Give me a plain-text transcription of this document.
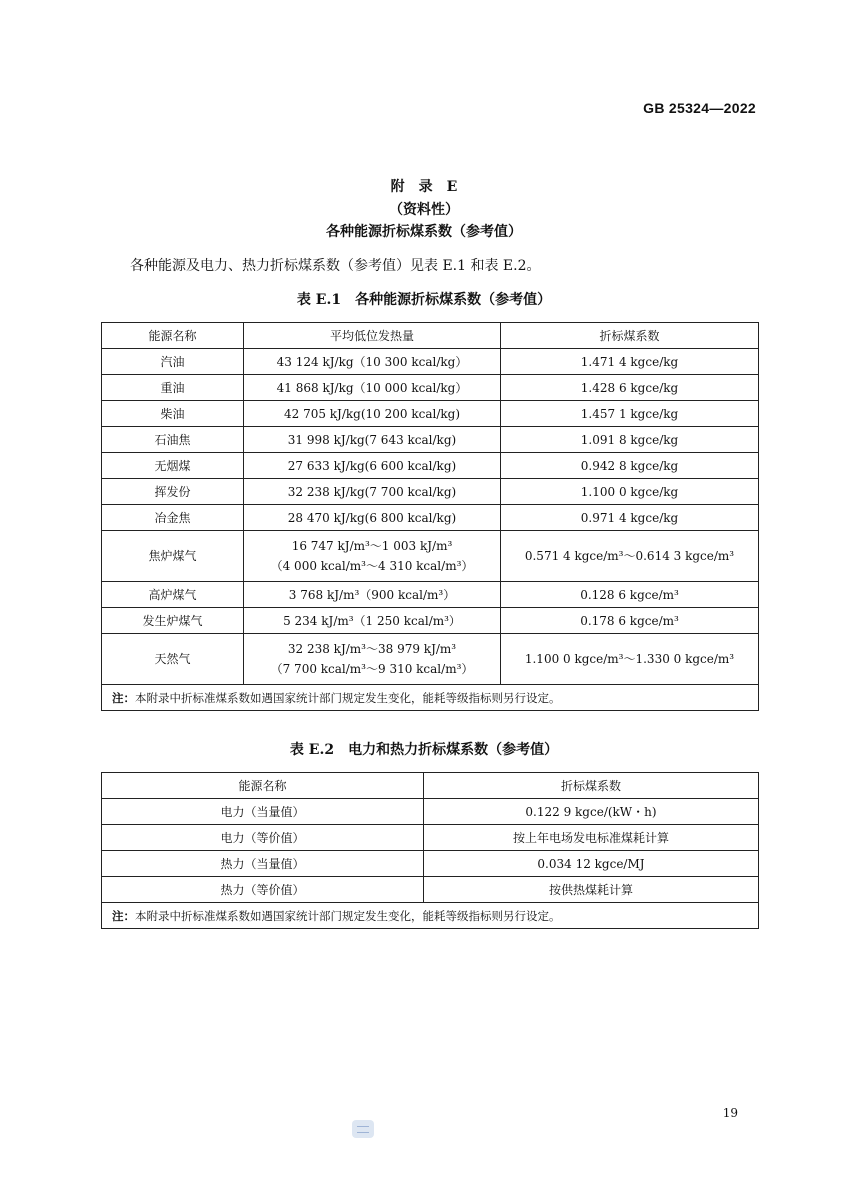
GB 25324—2022
附　录　E
（资料性）
各种能源折标煤系数（参考值）
各种能源及电力、热力折标煤系数（参考值）见表 E.1 和表 E.2。
表 E.1　各种能源折标煤系数（参考值）
能源名称	平均低位发热量	折标煤系数
汽油	43 124 kJ/kg（10 300 kcal/kg）	1.471 4 kgce/kg
重油	41 868 kJ/kg（10 000 kcal/kg）	1.428 6 kgce/kg
柴油	42 705 kJ/kg(10 200 kcal/kg)	1.457 1 kgce/kg
石油焦	31 998 kJ/kg(7 643 kcal/kg)	1.091 8 kgce/kg
无烟煤	27 633 kJ/kg(6 600 kcal/kg)	0.942 8 kgce/kg
挥发份	32 238 kJ/kg(7 700 kcal/kg)	1.100 0 kgce/kg
冶金焦	28 470 kJ/kg(6 800 kcal/kg)	0.971 4 kgce/kg
焦炉煤气	16 747 kJ/m³～1 003 kJ/m³
（4 000 kcal/m³～4 310 kcal/m³）	0.571 4 kgce/m³～0.614 3 kgce/m³
高炉煤气	3 768 kJ/m³（900 kcal/m³）	0.128 6 kgce/m³
发生炉煤气	5 234 kJ/m³（1 250 kcal/m³）	0.178 6 kgce/m³
天然气	32 238 kJ/m³～38 979 kJ/m³
（7 700 kcal/m³～9 310 kcal/m³）	1.100 0 kgce/m³～1.330 0 kgce/m³
注：本附录中折标准煤系数如遇国家统计部门规定发生变化，能耗等级指标则另行设定。		
表 E.2　电力和热力折标煤系数（参考值）
能源名称	折标煤系数
电力（当量值）	0.122 9 kgce/(kW・h)
电力（等价值）	按上年电场发电标准煤耗计算
热力（当量值）	0.034 12 kgce/MJ
热力（等价值）	按供热煤耗计算
注：本附录中折标准煤系数如遇国家统计部门规定发生变化，能耗等级指标则另行设定。	
19
